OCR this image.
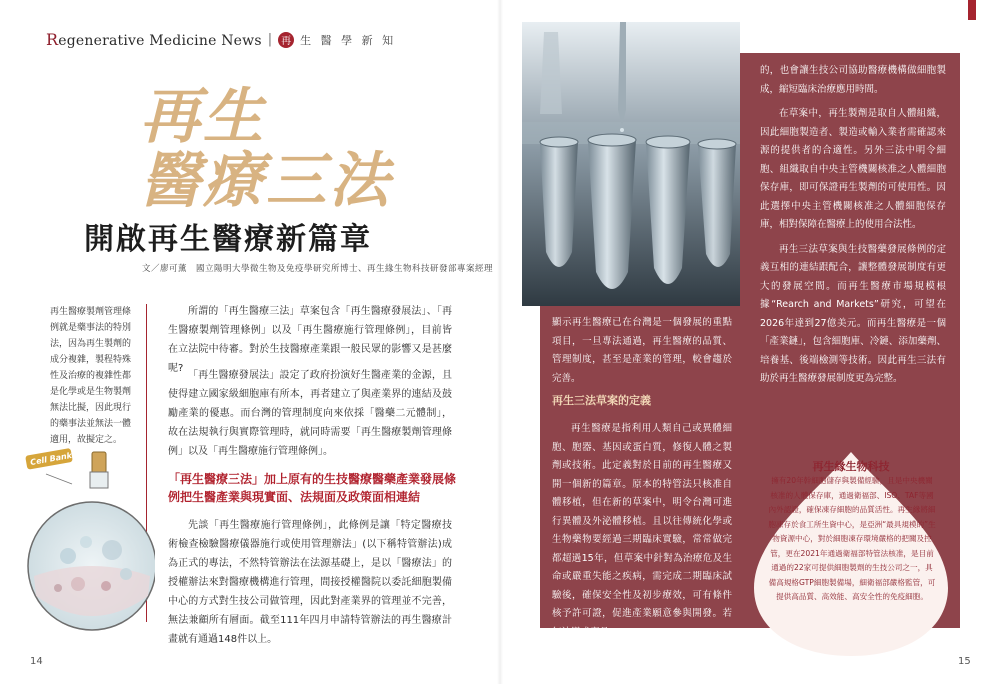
Regenerative Medicine News | 再 生 醫 學 新 知
再生
醫療三法
開啟再生醫療新篇章
文／廖可薰　國立陽明大學微生物及免疫學研究所博士、再生緣生物科技研發部專案經理
再生醫療製劑管理條例就是藥事法的特別法，因為再生製劑的成分複雜，製程特殊性及治療的複雜性都是化學或是生物製劑無法比擬，因此現行的藥事法並無法一體適用，故擬定之。

所謂的「再生醫療三法」草案包含「再生醫療發展法」、「再生醫療製劑管理條例」以及「再生醫療施行管理條例」，目前皆在立法院中待審。對於生技醫療產業跟一般民眾的影響又是甚麼呢?

「再生醫療發展法」設定了政府扮演好生醫產業的金源，且使得建立國家級細胞庫有所本，再者建立了與產業界的連結及鼓勵產業的優惠。而台灣的管理制度向來依採「醫藥二元體制」，故在法規執行與實際管理時，就同時需要「再生醫療製劑管理條例」以及「再生醫療施行管理條例」。

「再生醫療三法」加上原有的生技醫療醫藥產業發展條例把生醫產業與現實面、法規面及政策面相連結

先談「再生醫療施行管理條例」，此條例是讓「特定醫療技術檢查檢驗醫療儀器施行或使用管理辦法」(以下稱特管辦法)成為正式的專法，不然特管辦法在法源基礎上，是以「醫療法」的授權辦法來對醫療機構進行管理，間接授權醫院以委託細胞製備中心的方式對生技公司做管理，因此對產業界的管理並不完善，無法兼顧所有層面。截至111年四月申請特管辦法的再生醫療計畫就有通過148件以上。

Cell Bank

的，也會讓生技公司協助醫療機構做細胞製成，縮短臨床治療應用時間。

在草案中，再生製劑是取自人體組織，因此細胞製造者、製造或輸入業者需確認來源的提供者的合適性。另外三法中明令細胞、組織取自中央主管機關核准之人體細胞保存庫，即可保證再生製劑的可使用性。因此選擇中央主管機關核准之人體細胞保存庫，相對保障在醫療上的使用合法性。

再生三法草案與生技醫藥發展條例的定義互相的連結跟配合，讓整體發展制度有更大的發展空間。而再生醫療市場規模根據“Rearch and Markets”研究，可望在2026年達到27億美元。而再生醫療是一個「產業鏈」，包含細胞庫、冷鏈、添加藥劑、培養基、後端檢測等技術。因此再生三法有助於再生醫療發展制度更為完整。

顯示再生醫療已在台灣是一個發展的重點項目，一旦專法通過，再生醫療的品質、管理制度，甚至是產業的管理，較會趨於完善。

再生三法草案的定義

再生醫療是指利用人類自己或異體細胞、胞器、基因或蛋白質，修復人體之製劑或技術。此定義對於目前的再生醫療又開一個新的篇章。原本的特管法只核准自體移植，但在新的草案中，明令台灣可進行異體及外泌體移植。且以往傳統化學或生物藥物要經過三期臨床實驗，常常做完都超過15年，但草案中針對為治療危及生命或嚴重失能之疾病，需完成二期臨床試驗後，確保安全性及初步療效，可有條件核予許可證，促進產業願意參與開發。若無法變成產品

再生緣生物科技
擁有20年幹細胞儲存與製備經驗，且是中央機關核准的人體保存庫，通過衛福部、ISO、TAF等國內外認證，確保凍存細胞的品質活性。再生緣將細胞凍存於食工所生資中心，是亞洲“最具規模的”生物資源中心，對於細胞凍存環境嚴格的把關及控管，更在2021年通過衛福部特管法核准，是目前通過的22家可提供細胞製劑的生技公司之一，具備高規格GTP細胞製備場，細衛福部嚴格監管，可提供高品質、高效能、高安全性的免疫細胞。
14	15
